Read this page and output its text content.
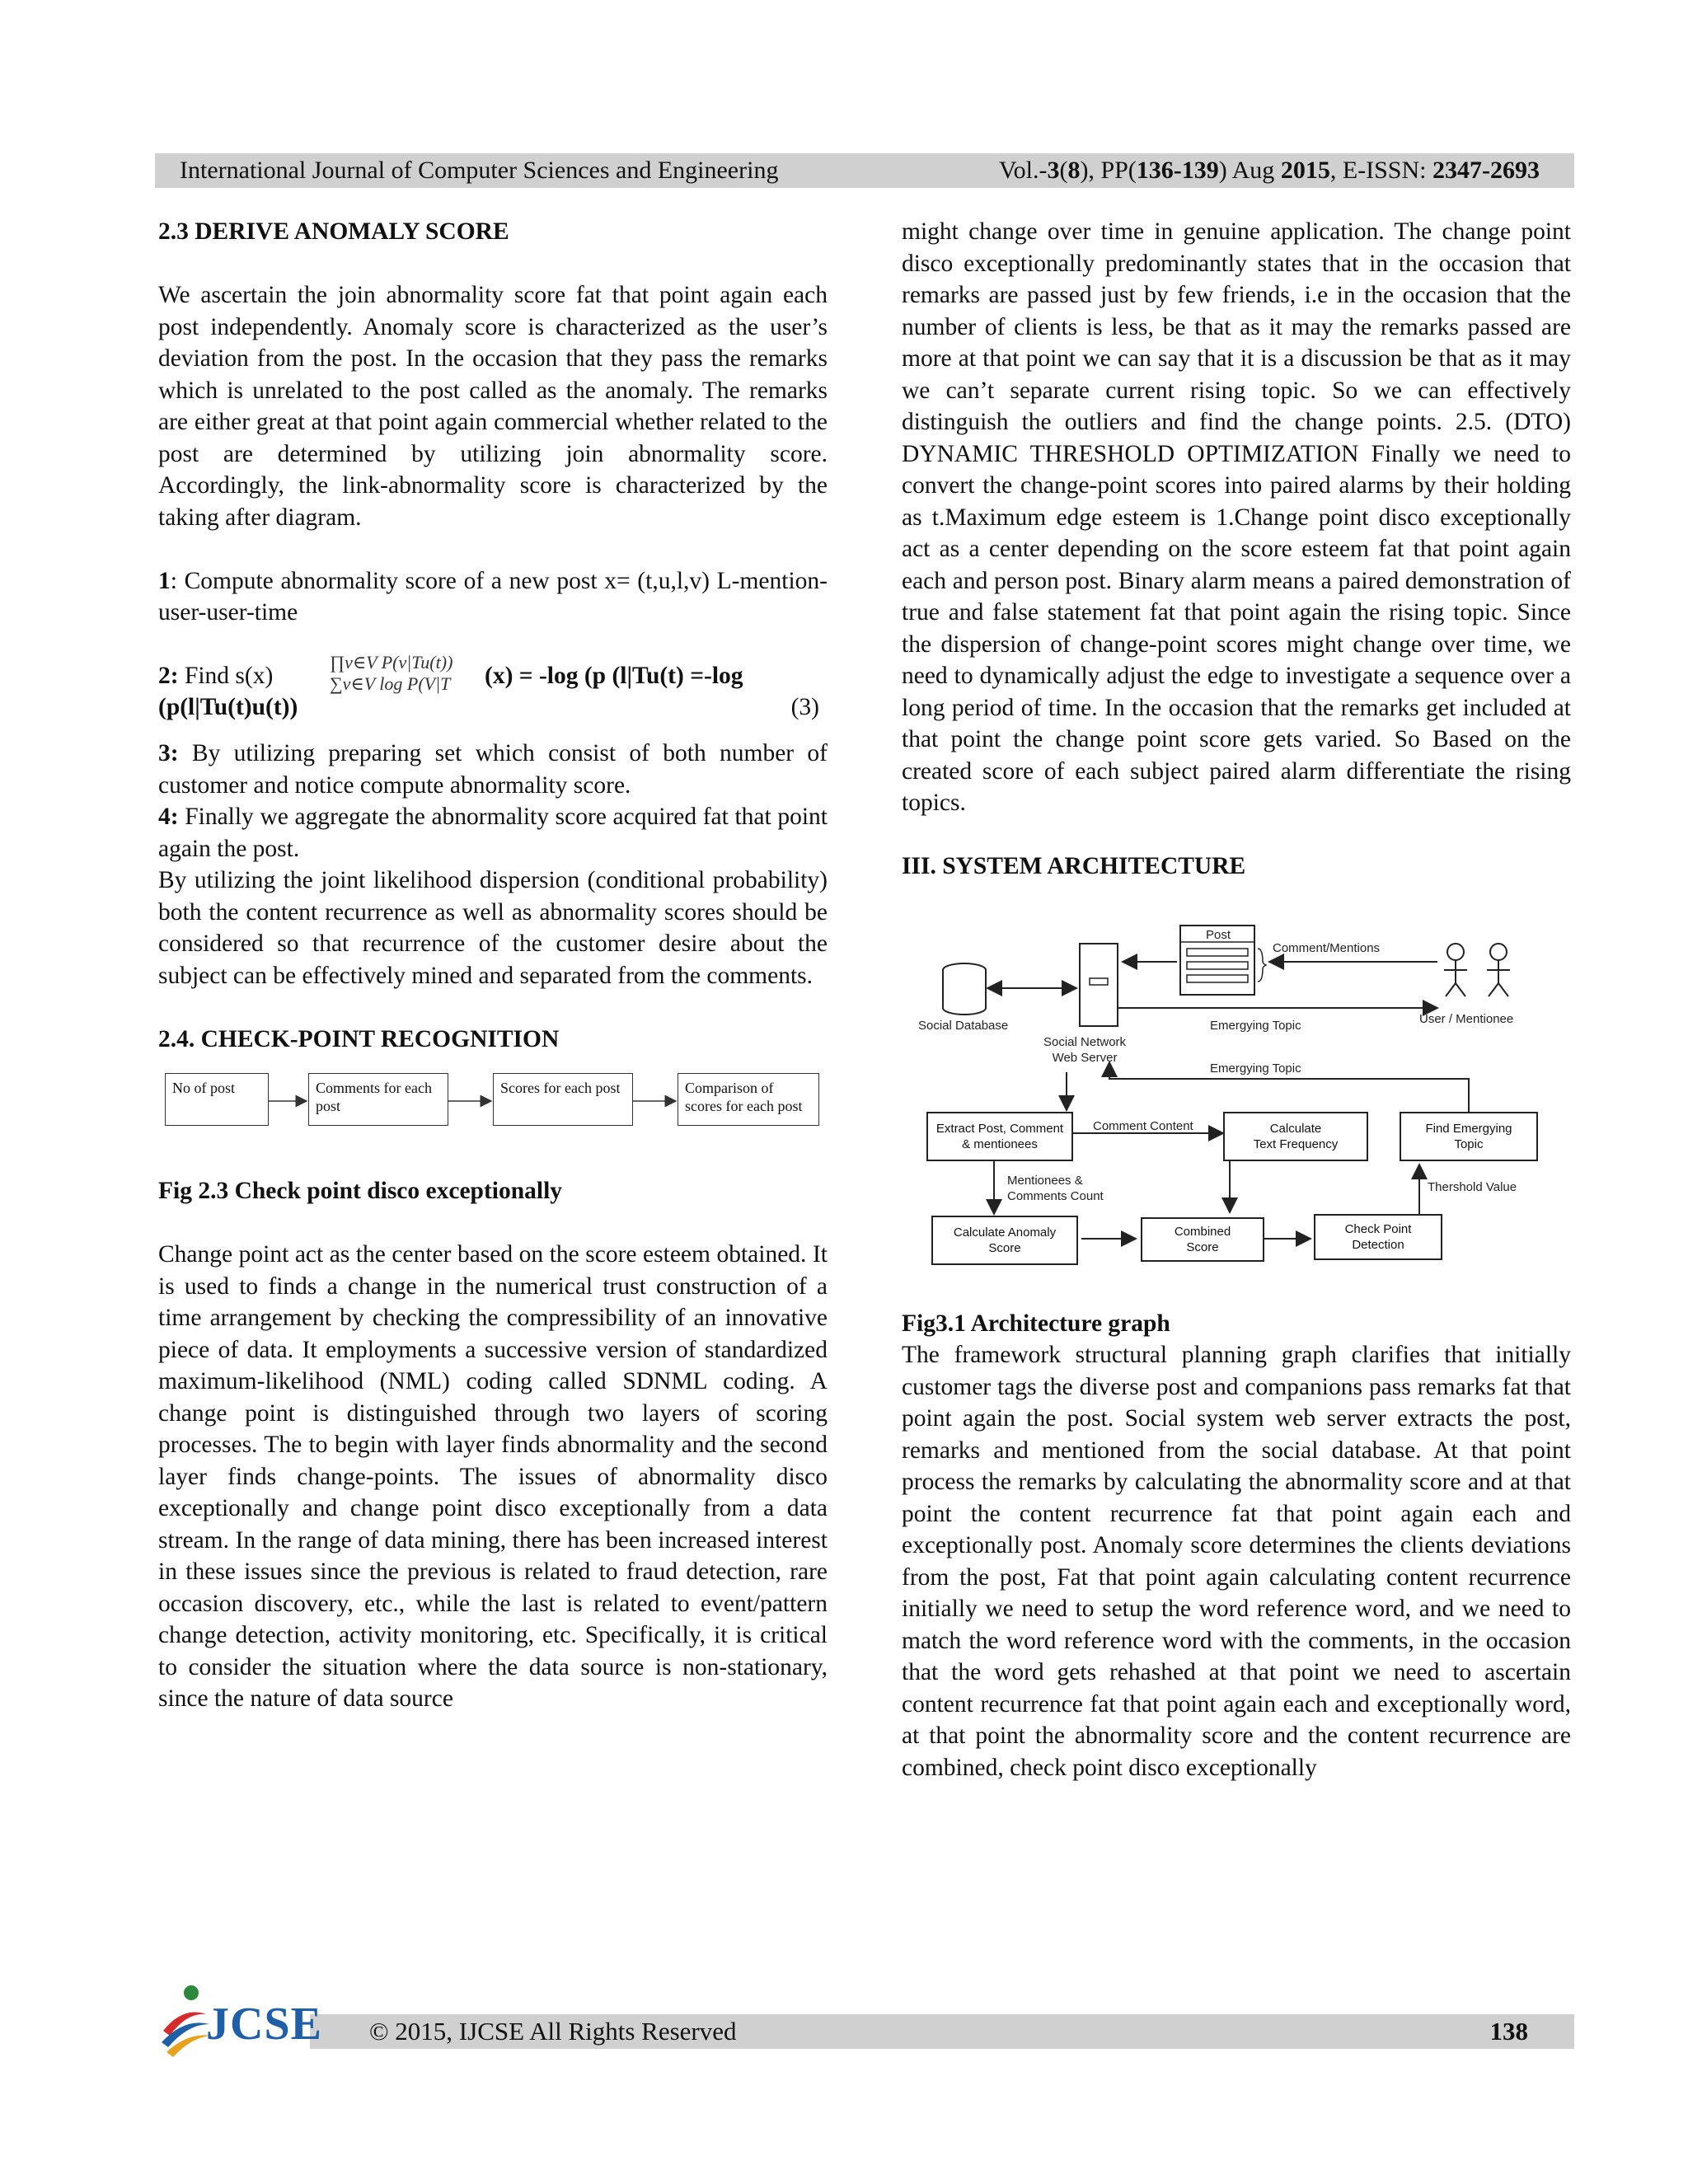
International Journal of Computer Sciences and Engineering	Vol.-3(8), PP(136-139) Aug 2015, E-ISSN: 2347-2693

2.3 DERIVE ANOMALY SCORE

We ascertain the join abnormality score fat that point again each post independently. Anomaly score is characterized as the user’s deviation from the post. In the occasion that they pass the remarks which is unrelated to the post called as the anomaly. The remarks are either great at that point again commercial whether related to the post are determined by utilizing join abnormality score. Accordingly, the link-abnormality score is characterized by the taking after diagram.

1: Compute abnormality score of a new post x= (t,u,l,v) L-mention-user-user-time

2: Find s(x)
∏v∈V P(v|Tu(t))
∑v∈V log P(V|T (x) = -log (p (l|Tu(t) =-log
(p(l|Tu(t)u(t))	(3)

3: By utilizing preparing set which consist of both number of customer and notice compute abnormality score.

4: Finally we aggregate the abnormality score acquired fat that point again the post.

By utilizing the joint likelihood dispersion (conditional probability) both the content recurrence as well as abnormality scores should be considered so that recurrence of the customer desire about the subject can be effectively mined and separated from the comments.

2.4. CHECK-POINT RECOGNITION

No of post	Comments for each post
Scores for each post	Comparison of scores for each post

Fig 2.3 Check point disco exceptionally

Change point act as the center based on the score esteem obtained. It is used to finds a change in the numerical trust construction of a time arrangement by checking the compressibility of an innovative piece of data. It employments a successive version of standardized maximum-likelihood (NML) coding called SDNML coding. A change point is distinguished through two layers of scoring processes. The to begin with layer finds abnormality and the second layer finds change-points. The issues of abnormality disco exceptionally and change point disco exceptionally from a data stream. In the range of data mining, there has been increased interest in these issues since the previous is related to fraud detection, rare occasion discovery, etc., while the last is related to event/pattern change detection, activity monitoring, etc. Specifically, it is critical to consider the situation where the data source is non-stationary, since the nature of data source

might change over time in genuine application. The change point disco exceptionally predominantly states that in the occasion that remarks are passed just by few friends, i.e in the occasion that the number of clients is less, be that as it may the remarks passed are more at that point we can say that it is a discussion be that as it may we can’t separate current rising topic. So we can effectively distinguish the outliers and find the change points. 2.5. (DTO) DYNAMIC THRESHOLD OPTIMIZATION Finally we need to convert the change-point scores into paired alarms by their holding as t.Maximum edge esteem is 1.Change point disco exceptionally act as a center depending on the score esteem fat that point again each and person post. Binary alarm means a paired demonstration of true and false statement fat that point again the rising topic. Since the dispersion of change-point scores might change over time, we need to dynamically adjust the edge to investigate a sequence over a long period of time. In the occasion that the remarks get included at that point the change point score gets varied. So Based on the created score of each subject paired alarm differentiate the rising topics.

III. SYSTEM ARCHITECTURE

Post
Comment/Mentions
Social Database	Emergying Topic	User / Mentionee
Social Network
Web Server
Emergying Topic
Comment Content
Mentionees &
Comments Count
Thershold Value
Extract Post, Comment
& mentionees
Calculate
Text Frequency
Find Emergying
Topic
Calculate Anomaly
Score
Combined
Score
Check Point
Detection

Fig3.1 Architecture graph

The framework structural planning graph clarifies that initially customer tags the diverse post and companions pass remarks fat that point again the post. Social system web server extracts the post, remarks and mentioned from the social database. At that point process the remarks by calculating the abnormality score and at that point the content recurrence fat that point again each and exceptionally post. Anomaly score determines the clients deviations from the post, Fat that point again calculating content recurrence initially we need to setup the word reference word, and we need to match the word reference word with the comments, in the occasion that the word gets rehashed at that point we need to ascertain content recurrence fat that point again each and exceptionally word, at that point the abnormality score and the content recurrence are combined, check point disco exceptionally

© 2015, IJCSE All Rights Reserved	138
JCSE
